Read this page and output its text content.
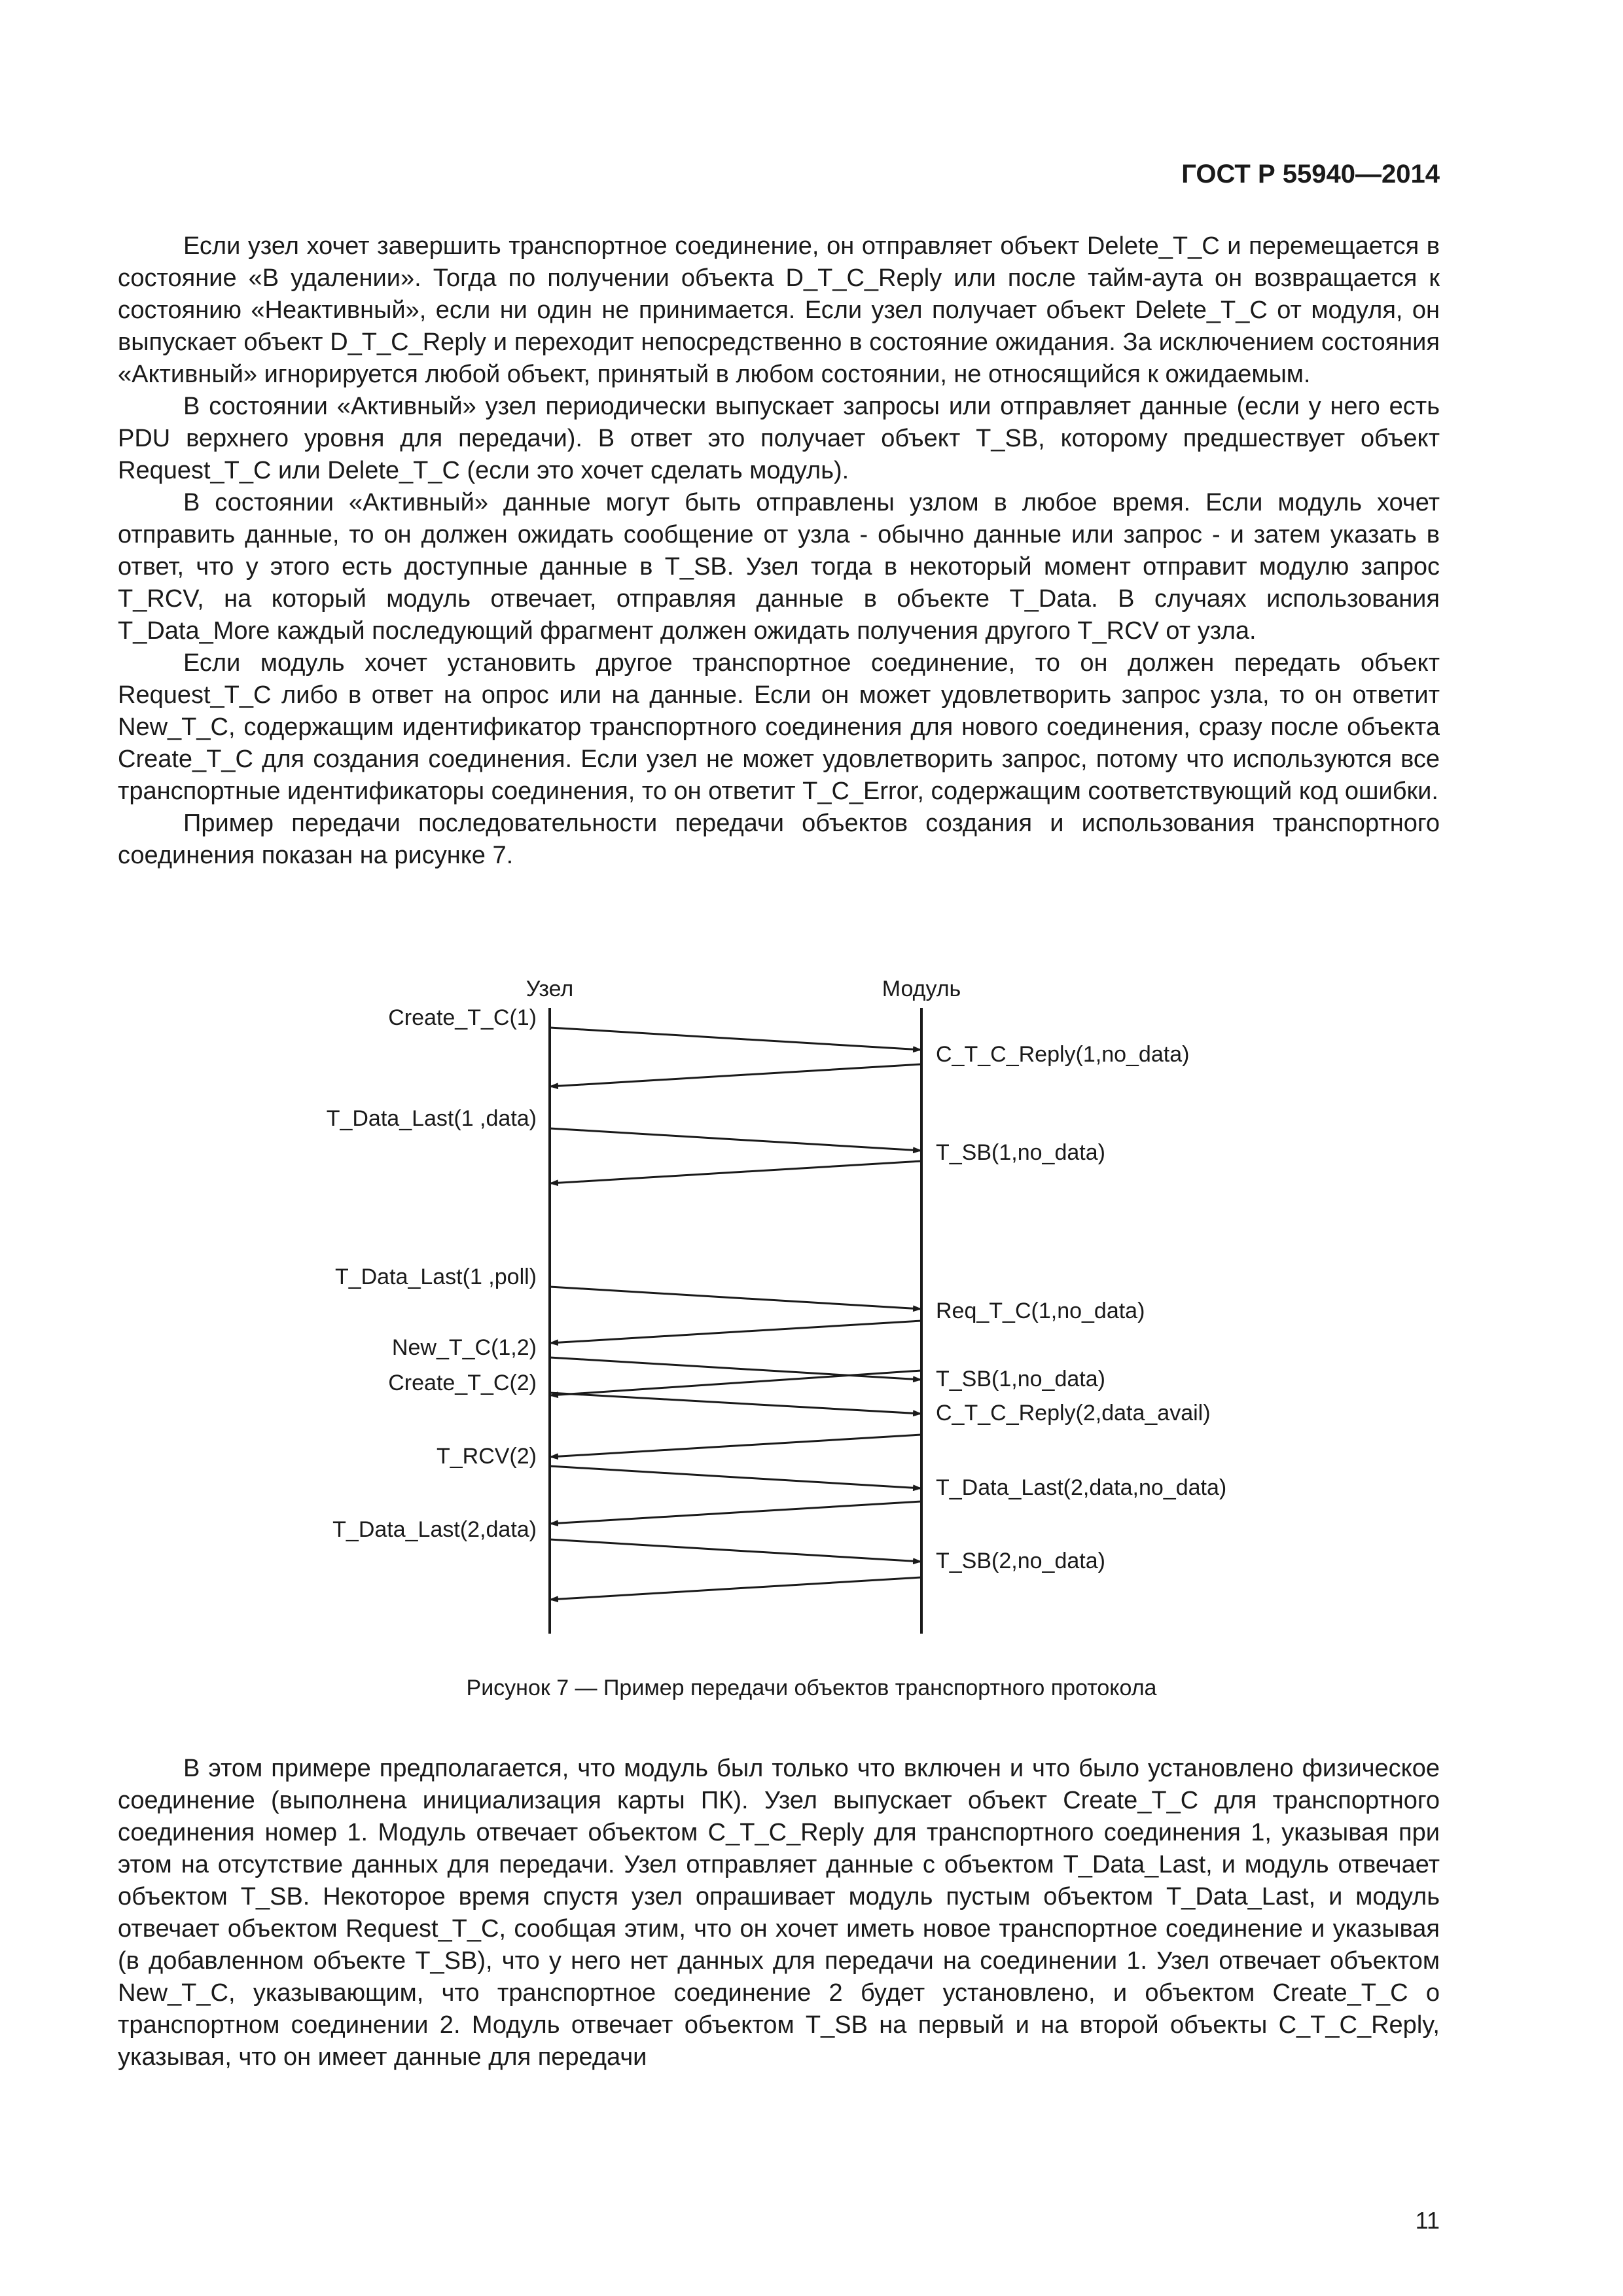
ГОСТ Р 55940—2014

Если узел хочет завершить транспортное соединение, он отправляет объект Delete_T_C и перемещается в состояние «В удалении». Тогда по получении объекта D_T_C_Reply или после тайм-аута он возвращается к состоянию «Неактивный», если ни один не принимается. Если узел получает объект Delete_T_C от модуля, он выпускает объект D_T_C_Reply и переходит непосредственно в состояние ожидания. За исключением состояния «Активный» игнорируется любой объект, принятый в любом состоянии, не относящийся к ожидаемым.

В состоянии «Активный» узел периодически выпускает запросы или отправляет данные (если у него есть PDU верхнего уровня для передачи). В ответ это получает объект T_SB, которому предшествует объект Request_T_C или Delete_T_C (если это хочет сделать модуль).

В состоянии «Активный» данные могут быть отправлены узлом в любое время. Если модуль хочет отправить данные, то он должен ожидать сообщение от узла - обычно данные или запрос - и затем указать в ответ, что у этого есть доступные данные в T_SB. Узел тогда в некоторый момент отправит модулю запрос T_RCV, на который модуль отвечает, отправляя данные в объекте T_Data. В случаях использования T_Data_More каждый последующий фрагмент должен ожидать получения другого T_RCV от узла.

Если модуль хочет установить другое транспортное соединение, то он должен передать объект Request_T_C либо в ответ на опрос или на данные. Если он может удовлетворить запрос узла, то он ответит New_T_C, содержащим идентификатор транспортного соединения для нового соединения, сразу после объекта Create_T_C для создания соединения. Если узел не может удовлетворить запрос, потому что используются все транспортные идентификаторы соединения, то он ответит T_C_Error, содержащим соответствующий код ошибки.

Пример передачи последовательности передачи объектов создания и использования транспортного соединения показан на рисунке 7.

Узел	Модуль
Create_T_C(1)
T_Data_Last(1 ,data)
T_Data_Last(1 ,poll)
New_T_C(1,2)
Create_T_C(2)
T_RCV(2)
T_Data_Last(2,data)
C_T_C_Reply(1,no_data)
T_SB(1,no_data)
Req_T_C(1,no_data)
T_SB(1,no_data)
C_T_C_Reply(2,data_avail)
T_Data_Last(2,data,no_data)
T_SB(2,no_data)
Рисунок 7 — Пример передачи объектов транспортного протокола

В этом примере предполагается, что модуль был только что включен и что было установлено физическое соединение (выполнена инициализация карты ПК). Узел выпускает объект Create_T_C для транспортного соединения номер 1. Модуль отвечает объектом C_T_C_Reply для транспортного соединения 1, указывая при этом на отсутствие данных для передачи. Узел отправляет данные с объектом T_Data_Last, и модуль отвечает объектом T_SB. Некоторое время спустя узел опрашивает модуль пустым объектом T_Data_Last, и модуль отвечает объектом Request_T_C, сообщая этим, что он хочет иметь новое транспортное соединение и указывая (в добавленном объекте T_SB), что у него нет данных для передачи на соединении 1. Узел отвечает объектом New_T_C, указывающим, что транспортное соединение 2 будет установлено, и объектом Create_T_C о транспортном соединении 2. Модуль отвечает объектом T_SB на первый и на второй объекты C_T_C_Reply, указывая, что он имеет данные для передачи

11
